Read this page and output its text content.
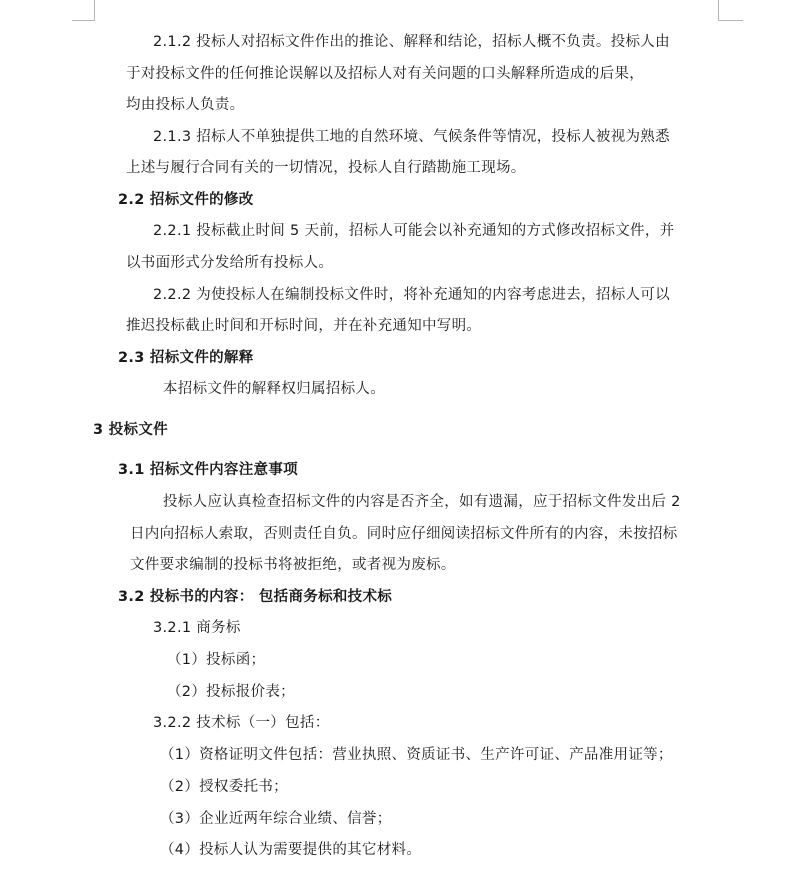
2.1.2 投标人对招标文件作出的推论、解释和结论，招标人概不负责。投标人由
于对投标文件的任何推论误解以及招标人对有关问题的口头解释所造成的后果，
均由投标人负责。
2.1.3 招标人不单独提供工地的自然环境、气候条件等情况，投标人被视为熟悉
上述与履行合同有关的一切情况，投标人自行踏勘施工现场。
2.2 招标文件的修改
2.2.1 投标截止时间 5 天前，招标人可能会以补充通知的方式修改招标文件，并
以书面形式分发给所有投标人。
2.2.2 为使投标人在编制投标文件时，将补充通知的内容考虑进去，招标人可以
推迟投标截止时间和开标时间，并在补充通知中写明。
2.3 招标文件的解释
本招标文件的解释权归属招标人。
3 投标文件
3.1 招标文件内容注意事项
投标人应认真检查招标文件的内容是否齐全，如有遗漏，应于招标文件发出后 2
日内向招标人索取，否则责任自负。同时应仔细阅读招标文件所有的内容，未按招标
文件要求编制的投标书将被拒绝，或者视为废标。
3.2 投标书的内容： 包括商务标和技术标
3.2.1 商务标
（1）投标函；
（2）投标报价表；
3.2.2 技术标（一）包括：
（1）资格证明文件包括：营业执照、资质证书、生产许可证、产品准用证等；
（2）授权委托书；
（3）企业近两年综合业绩、信誉；
（4）投标人认为需要提供的其它材料。
